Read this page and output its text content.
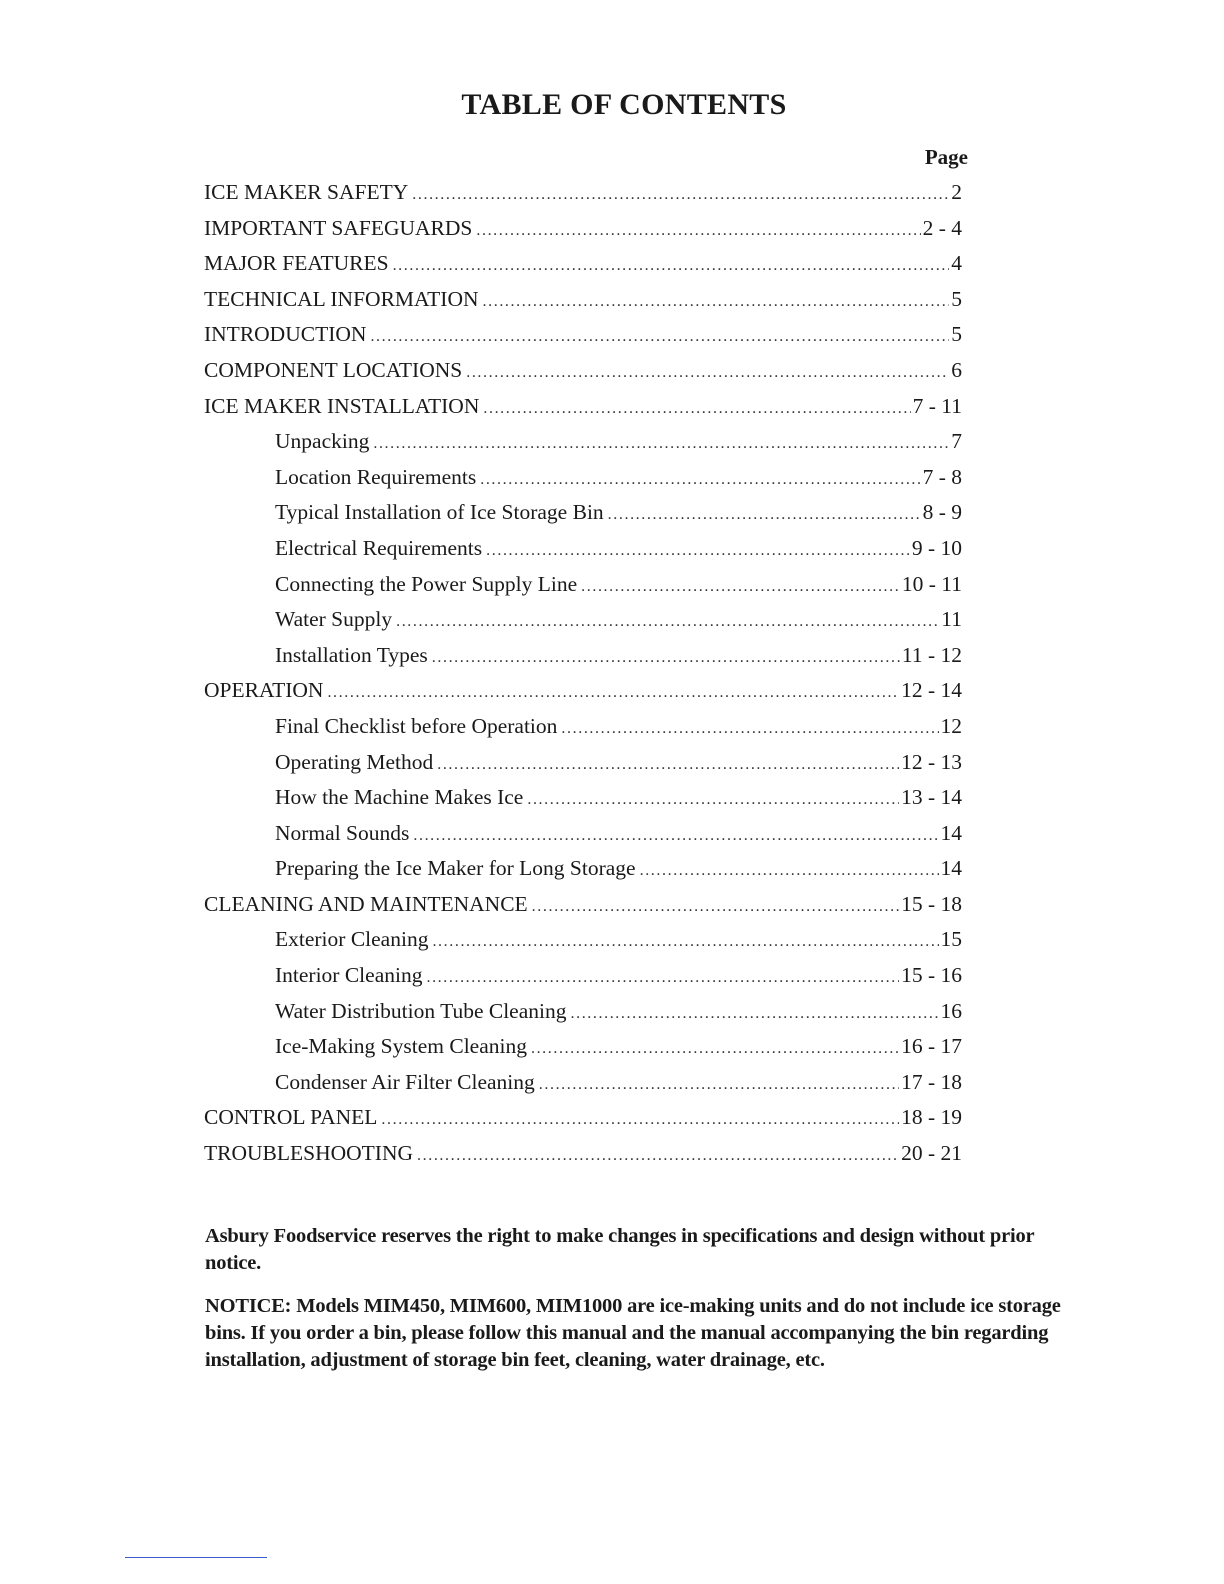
TABLE OF CONTENTS
Page
ICE MAKER SAFETY .....	2
IMPORTANT SAFEGUARDS .....	2 - 4
MAJOR FEATURES .....	4
TECHNICAL INFORMATION .....	5
INTRODUCTION .....	5
COMPONENT LOCATIONS .....	6
ICE MAKER INSTALLATION .....	7 - 11
Unpacking .....	7
Location Requirements .....	7 - 8
Typical Installation of Ice Storage Bin .....	8 - 9
Electrical Requirements .....	9 - 10
Connecting the Power Supply Line .....	10 - 11
Water Supply .....	11
Installation Types .....	11 - 12
OPERATION .....	12 - 14
Final Checklist before Operation .....	12
Operating Method .....	12 - 13
How the Machine Makes Ice .....	13 - 14
Normal Sounds .....	14
Preparing the Ice Maker for Long Storage .....	14
CLEANING AND MAINTENANCE .....	15 - 18
Exterior Cleaning .....	15
Interior Cleaning .....	15 - 16
Water Distribution Tube Cleaning .....	16
Ice-Making System Cleaning .....	16 - 17
Condenser Air Filter Cleaning .....	17 - 18
CONTROL PANEL .....	18 - 19
TROUBLESHOOTING .....	20 - 21
Asbury Foodservice reserves the right to make changes in specifications and design without prior notice.
NOTICE: Models MIM450, MIM600, MIM1000 are ice-making units and do not include ice storage bins. If you order a bin, please follow this manual and the manual accompanying the bin regarding installation, adjustment of storage bin feet, cleaning, water drainage, etc.
